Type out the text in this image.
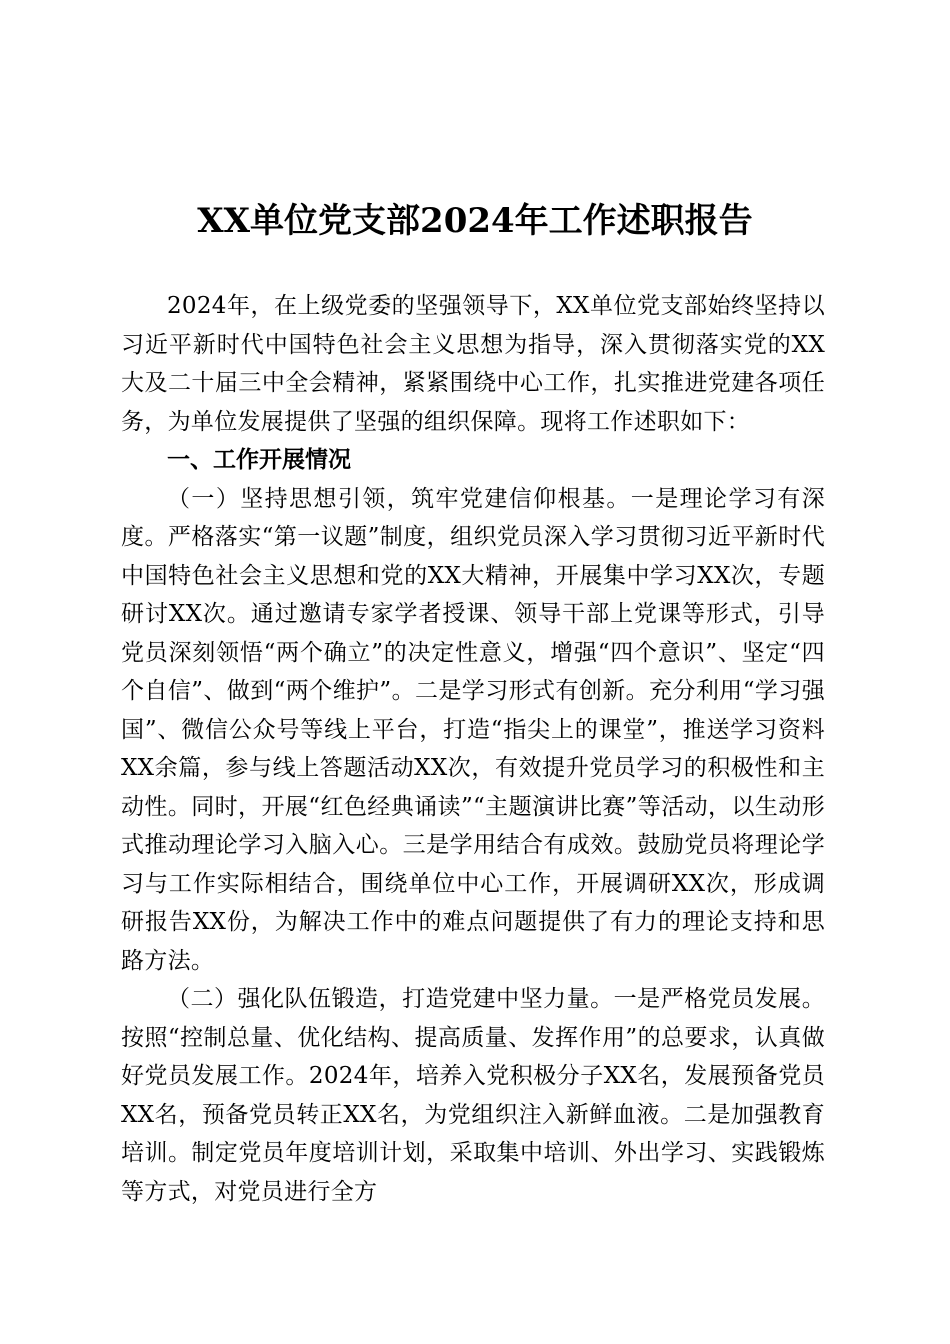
XX单位党支部2024年工作述职报告

2024年，在上级党委的坚强领导下，XX单位党支部始终坚持以习近平新时代中国特色社会主义思想为指导，深入贯彻落实党的XX大及二十届三中全会精神，紧紧围绕中心工作，扎实推进党建各项任务，为单位发展提供了坚强的组织保障。现将工作述职如下：

一、工作开展情况

（一）坚持思想引领，筑牢党建信仰根基。一是理论学习有深度。严格落实“第一议题”制度，组织党员深入学习贯彻习近平新时代中国特色社会主义思想和党的XX大精神，开展集中学习XX次，专题研讨XX次。通过邀请专家学者授课、领导干部上党课等形式，引导党员深刻领悟“两个确立”的决定性意义，增强“四个意识”、坚定“四个自信”、做到“两个维护”。二是学习形式有创新。充分利用“学习强国”、微信公众号等线上平台，打造“指尖上的课堂”，推送学习资料XX余篇，参与线上答题活动XX次，有效提升党员学习的积极性和主动性。同时，开展“红色经典诵读”“主题演讲比赛”等活动，以生动形式推动理论学习入脑入心。三是学用结合有成效。鼓励党员将理论学习与工作实际相结合，围绕单位中心工作，开展调研XX次，形成调研报告XX份，为解决工作中的难点问题提供了有力的理论支持和思路方法。

（二）强化队伍锻造，打造党建中坚力量。一是严格党员发展。按照“控制总量、优化结构、提高质量、发挥作用”的总要求，认真做好党员发展工作。2024年，培养入党积极分子XX名，发展预备党员XX名，预备党员转正XX名，为党组织注入新鲜血液。二是加强教育培训。制定党员年度培训计划，采取集中培训、外出学习、实践锻炼等方式，对党员进行全方
